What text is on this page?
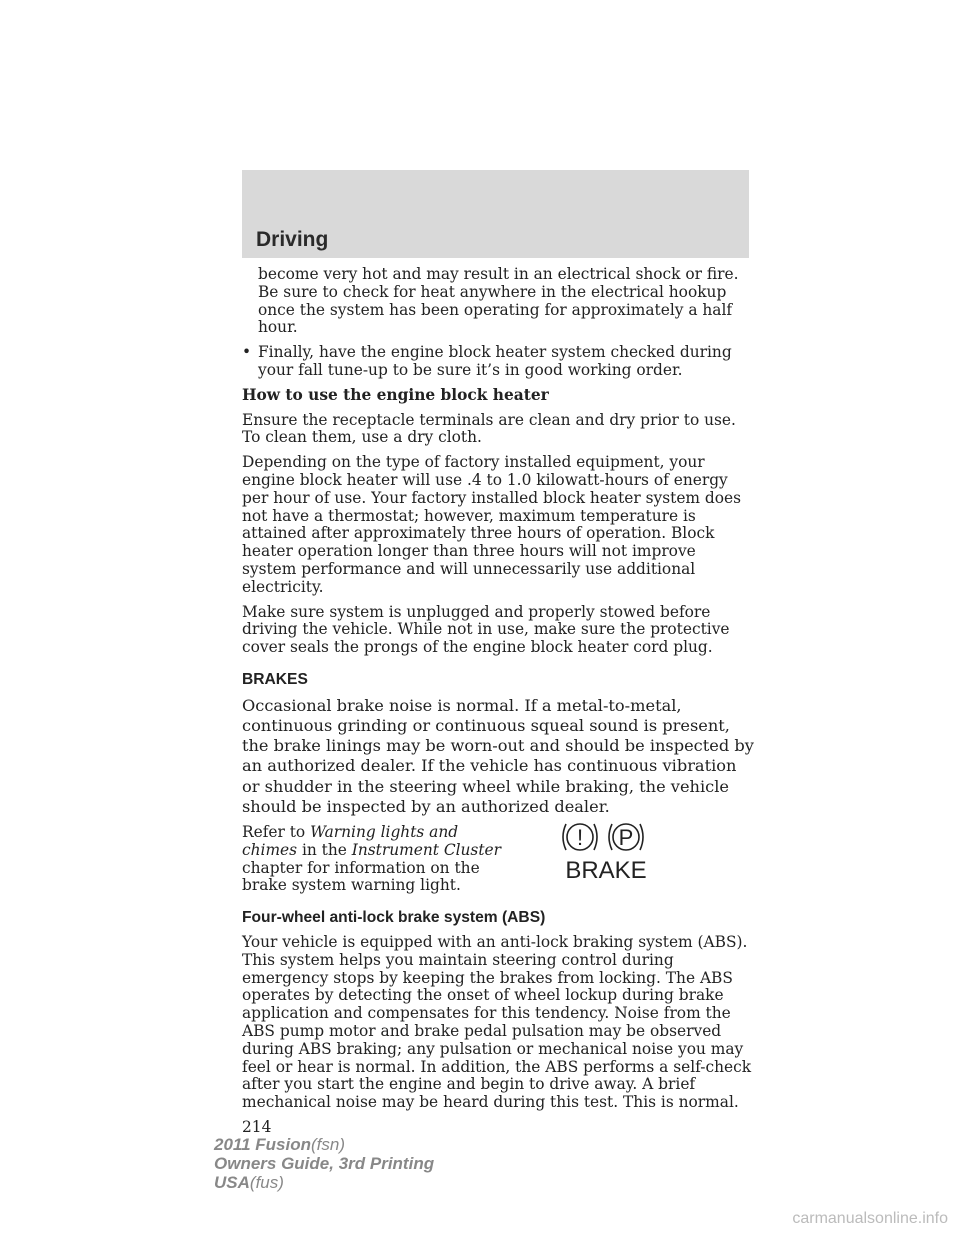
Driving

become very hot and may result in an electrical shock or fire. Be sure to check for heat anywhere in the electrical hookup once the system has been operating for approximately a half hour.

• Finally, have the engine block heater system checked during your fall tune-up to be sure it’s in good working order.

How to use the engine block heater

Ensure the receptacle terminals are clean and dry prior to use. To clean them, use a dry cloth.

Depending on the type of factory installed equipment, your engine block heater will use .4 to 1.0 kilowatt-hours of energy per hour of use. Your factory installed block heater system does not have a thermostat; however, maximum temperature is attained after approximately three hours of operation. Block heater operation longer than three hours will not improve system performance and will unnecessarily use additional electricity.

Make sure system is unplugged and properly stowed before driving the vehicle. While not in use, make sure the protective cover seals the prongs of the engine block heater cord plug.

BRAKES

Occasional brake noise is normal. If a metal-to-metal, continuous grinding or continuous squeal sound is present, the brake linings may be worn-out and should be inspected by an authorized dealer. If the vehicle has continuous vibration or shudder in the steering wheel while braking, the vehicle should be inspected by an authorized dealer.

Refer to Warning lights and chimes in the Instrument Cluster chapter for information on the brake system warning light.
! P
BRAKE
Four-wheel anti-lock brake system (ABS)

Your vehicle is equipped with an anti-lock braking system (ABS). This system helps you maintain steering control during emergency stops by keeping the brakes from locking. The ABS operates by detecting the onset of wheel lockup during brake application and compensates for this tendency. Noise from the ABS pump motor and brake pedal pulsation may be observed during ABS braking; any pulsation or mechanical noise you may feel or hear is normal. In addition, the ABS performs a self-check after you start the engine and begin to drive away. A brief mechanical noise may be heard during this test. This is normal.

214

2011 Fusion(fsn)
Owners Guide, 3rd Printing
USA(fus)
carmanualsonline.info
